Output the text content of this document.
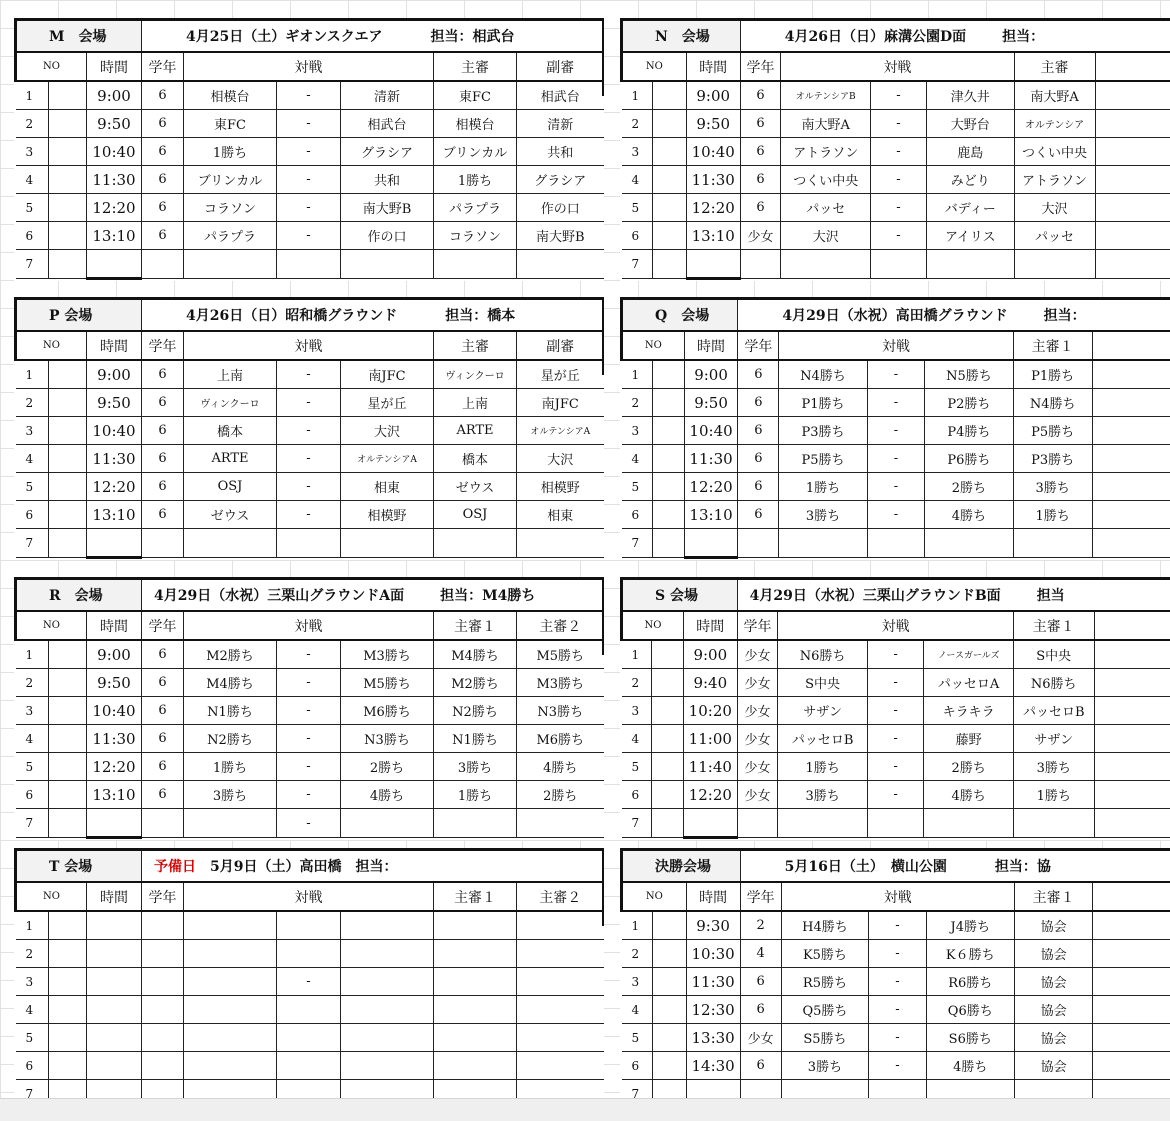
M　会場			4月25日（土）ギオンスクエア 担当：相武台					
NO		時間	学年	対戦			主審	副審
1		9:00	6	相模台	-	清新	東FC	相武台
2		9:50	6	東FC	-	相武台	相模台	清新
3		10:40	6	1勝ち	-	グラシア	ブリンカル	共和
4		11:30	6	ブリンカル	-	共和	1勝ち	グラシア
5		12:20	6	コラソン	-	南大野B	パラプラ	作の口
6		13:10	6	パラプラ	-	作の口	コラソン	南大野B
7								
N　会場			4月26日（日）麻溝公園D面 担当：					
NO		時間	学年	対戦			主審	
1		9:00	6	オルテンシアB	-	津久井	南大野A	
2		9:50	6	南大野A	-	大野台	オルテンシア	
3		10:40	6	アトラソン	-	鹿島	つくい中央	
4		11:30	6	つくい中央	-	みどり	アトラソン	
5		12:20	6	パッセ	-	バディー	大沢	
6		13:10	少女	大沢	-	アイリス	パッセ	
7								
P 会場			4月26日（日）昭和橋グラウンド 担当：橋本					
NO		時間	学年	対戦			主審	副審
1		9:00	6	上南	-	南JFC	ヴィンクーロ	星が丘
2		9:50	6	ヴィンクーロ	-	星が丘	上南	南JFC
3		10:40	6	橋本	-	大沢	ARTE	オルテンシアA
4		11:30	6	ARTE	-	オルテンシアA	橋本	大沢
5		12:20	6	OSJ	-	相東	ゼウス	相模野
6		13:10	6	ゼウス	-	相模野	OSJ	相東
7								
Q　会場			4月29日（水祝）高田橋グラウンド 担当：					
NO		時間	学年	対戦			主審１	
1		9:00	6	N4勝ち	-	N5勝ち	P1勝ち	
2		9:50	6	P1勝ち	-	P2勝ち	N4勝ち	
3		10:40	6	P3勝ち	-	P4勝ち	P5勝ち	
4		11:30	6	P5勝ち	-	P6勝ち	P3勝ち	
5		12:20	6	1勝ち	-	2勝ち	3勝ち	
6		13:10	6	3勝ち	-	4勝ち	1勝ち	
7								
R　会場			4月29日（水祝）三栗山グラウンドA面 担当：M4勝ち					
NO		時間	学年	対戦			主審１	主審２
1		9:00	6	M2勝ち	-	M3勝ち	M4勝ち	M5勝ち
2		9:50	6	M4勝ち	-	M5勝ち	M2勝ち	M3勝ち
3		10:40	6	N1勝ち	-	M6勝ち	N2勝ち	N3勝ち
4		11:30	6	N2勝ち	-	N3勝ち	N1勝ち	M6勝ち
5		12:20	6	1勝ち	-	2勝ち	3勝ち	4勝ち
6		13:10	6	3勝ち	-	4勝ち	1勝ち	2勝ち
7					-			
S 会場			4月29日（水祝）三栗山グラウンドB面 担当					
NO		時間	学年	対戦			主審１	
1		9:00	少女	N6勝ち	-	ノースガールズ	S中央	
2		9:40	少女	S中央	-	パッセロA	N6勝ち	
3		10:20	少女	サザン	-	キラキラ	パッセロB	
4		11:00	少女	パッセロB	-	藤野	サザン	
5		11:40	少女	1勝ち	-	2勝ち	3勝ち	
6		12:20	少女	3勝ち	-	4勝ち	1勝ち	
7								
T 会場			予備日 5月9日（土）高田橋 担当：					
NO		時間	学年	対戦			主審１	主審２
1								
2								
3					-			
4								
5								
6								
7								
決勝会場			5月16日（土）　横山公園 担当：協					
NO		時間	学年	対戦			主審１	
1		9:30	2	H4勝ち	-	J4勝ち	協会	
2		10:30	4	K5勝ち	-	K６勝ち	協会	
3		11:30	6	R5勝ち	-	R6勝ち	協会	
4		12:30	6	Q5勝ち	-	Q6勝ち	協会	
5		13:30	少女	S5勝ち	-	S6勝ち	協会	
6		14:30	6	3勝ち	-	4勝ち	協会	
7								
